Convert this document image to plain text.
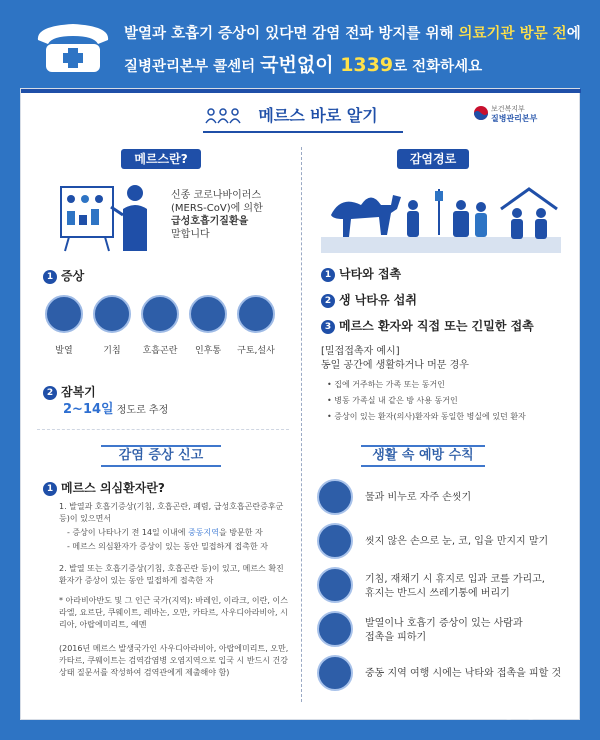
발열과 호흡기 증상이 있다면 감염 전파 방지를 위해 의료기관 방문 전에
질병관리본부 콜센터 국번없이 1339로 전화하세요
메르스 바로 알기	보건복지부
질병관리본부
메르스란?
신종 코로나바이러스
(MERS-CoV)에 의한
급성호흡기질환을
말합니다
1 증상
발열	기침	호흡곤란	인후통	구토,설사
2 잠복기
2~14일 정도로 추정
감염 증상 신고
1 메르스 의심환자란?
1. 발열과 호흡기증상(기침, 호흡곤란, 폐렴, 급성호흡곤란증후군 등)이 있으면서
- 증상이 나타나기 전 14일 이내에 중동지역을 방문한 자
- 메르스 의심환자가 증상이 있는 동안 밀접하게 접촉한 자
2. 발열 또는 호흡기증상(기침, 호흡곤란 등)이 있고, 메르스 확진환자가 증상이 있는 동안 밀접하게 접촉한 자
* 아라비아반도 및 그 인근 국가(지역): 바레인, 이라크, 이란, 이스라엘, 요르단, 쿠웨이트, 레바논, 오만, 카타르, 사우디아라비아, 시리아, 아랍에미리트, 예멘
(2016년 메르스 발생국가인 사우디아라비아, 아랍에미리트, 오만, 카타르, 쿠웨이트는 검역감염병 오염지역으로 입국 시 반드시 건강상태 질문서를 작성하여 검역관에게 제출해야 함)
감염경로
1 낙타와 접촉
2 생 낙타유 섭취
3 메르스 환자와 직접 또는 긴밀한 접촉
[밀접접촉자 예시]
동일 공간에 생활하거나 머문 경우
• 집에 거주하는 가족 또는 동거인
• 병동 가족실 내 같은 방 사용 동거인
• 증상이 있는 환자(의사)환자와 동일한 병실에 있던 환자
생활 속 예방 수칙
물과 비누로 자주 손씻기
씻지 않은 손으로 눈, 코, 입을 만지지 말기
기침, 재채기 시 휴지로 입과 코를 가리고,
휴지는 반드시 쓰레기통에 버리기
발열이나 호흡기 증상이 있는 사람과
접촉을 피하기
중동 지역 여행 시에는 낙타와 접촉을 피할 것
NEWSIS
